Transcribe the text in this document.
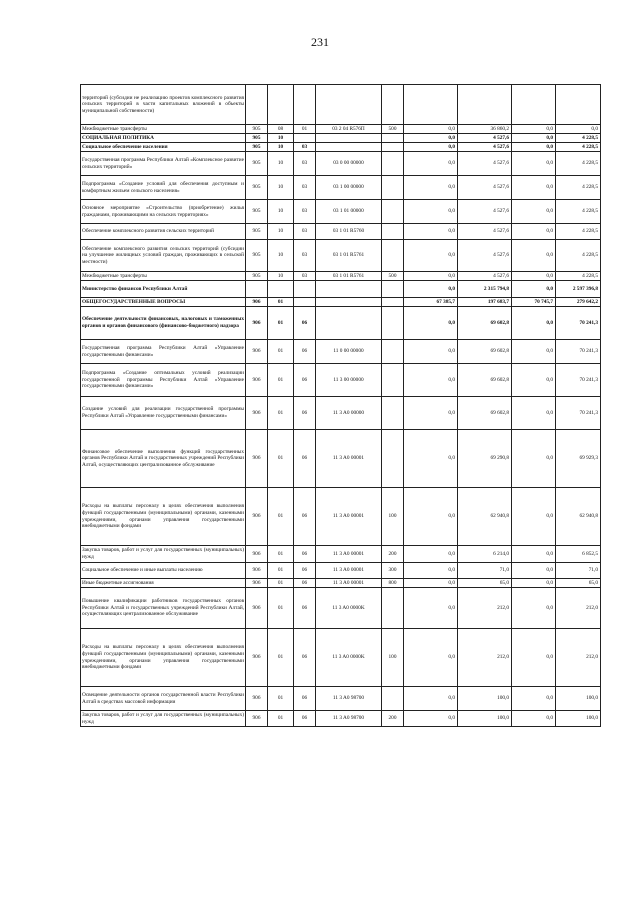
231
территорий (субсидии не реализацию проектов комплексного развития сельских территорий в части капитальных вложений в объекты муниципальной собственности)									
Межбюджетные трансферты	905	08	01	03 2 04 R576П	500	0,0	36 860,2	0,0	0,0
СОЦИАЛЬНАЯ ПОЛИТИКА	905	10				0,0	4 527,6	0,0	4 228,5
Социальное обеспечение населения	905	10	03			0,0	4 527,6	0,0	4 228,5
Государственная программа Республики Алтай «Комплексное развитие сельских территорий»	905	10	03	03 0 00 00000		0,0	4 527,6	0,0	4 228,5
Подпрограмма «Создание условий для обеспечения доступным и комфортным жильем сельского населения»	905	10	03	03 1 00 00000		0,0	4 527,6	0,0	4 228,5
Основное мероприятие «Строительство (приобретение) жилья гражданами, проживающими на сельских территориях»	905	10	03	03 1 01 00000		0,0	4 527,6	0,0	4 228,5
Обеспечение комплексного развития сельских территорий	905	10	03	03 1 01 R5760		0,0	4 527,6	0,0	4 228,5
Обеспечение комплексного развития сельских территорий (субсидии на улучшение жилищных условий граждан, проживающих в сельской местности)	905	10	03	03 1 01 R5761		0,0	4 527,6	0,0	4 228,5
Межбюджетные трансферты	905	10	03	03 1 01 R5761	500	0,0	4 527,6	0,0	4 228,5
Министерство финансов Республики Алтай						0,0	2 315 794,8	0,0	2 597 396,8
ОБЩЕГОСУДАРСТВЕННЫЕ ВОПРОСЫ	906	01				67 385,7	197 683,7	70 745,7	279 642,2
Обеспечение деятельности финансовых, налоговых и таможенных органов и органов финансового (финансово-бюджетного) надзора	906	01	06			0,0	69 602,8	0,0	70 241,3
Государственная программа Республики Алтай «Управление государственными финансами»	906	01	06	11 0 00 00000		0,0	69 602,8	0,0	70 241,3
Подпрограмма «Создание оптимальных условий реализации государственной программы Республики Алтай «Управление государственными финансами»	906	01	06	11 3 00 00000		0,0	69 602,8	0,0	70 241,3
Создание условий для реализации государственной программы Республики Алтай «Управление государственными финансами»	906	01	06	11 3 A0 00000		0,0	69 602,8	0,0	70 241,3
Финансовое обеспечение выполнения функций государственных органов Республики Алтай и государственных учреждений Республики Алтай, осуществляющих централизованное обслуживание	906	01	06	11 3 A0 00001		0,0	69 290,8	0,0	69 929,3
Расходы на выплаты персоналу в целях обеспечения выполнения функций государственными (муниципальными) органами, казенными учреждениями, органами управления государственными внебюджетными фондами	906	01	06	11 3 A0 00001	100	0,0	62 940,8	0,0	62 940,8
Закупка товаров, работ и услуг для государственных (муниципальных) нужд	906	01	06	11 3 A0 00001	200	0,0	6 214,0	0,0	6 852,5
Социальное обеспечение и иные выплаты населению	906	01	06	11 3 A0 00001	300	0,0	71,0	0,0	71,0
Иные бюджетные ассигнования	906	01	06	11 3 A0 00001	800	0,0	65,0	0,0	65,0
Повышение квалификации работников государственных органов Республики Алтай и государственных учреждений Республики Алтай, осуществляющих централизованное обслуживание	906	01	06	11 3 A0 0000K		0,0	212,0	0,0	212,0
Расходы на выплаты персоналу в целях обеспечения выполнения функций государственными (муниципальными) органами, казенными учреждениями, органами управления государственными внебюджетными фондами	906	01	06	11 3 A0 0000K	100	0,0	212,0	0,0	212,0
Освещение деятельности органов государственной власти Республики Алтай в средствах массовой информации	906	01	06	11 3 A0 98700		0,0	100,0	0,0	100,0
Закупка товаров, работ и услуг для государственных (муниципальных) нужд	906	01	06	11 3 A0 98700	200	0,0	100,0	0,0	100,0
